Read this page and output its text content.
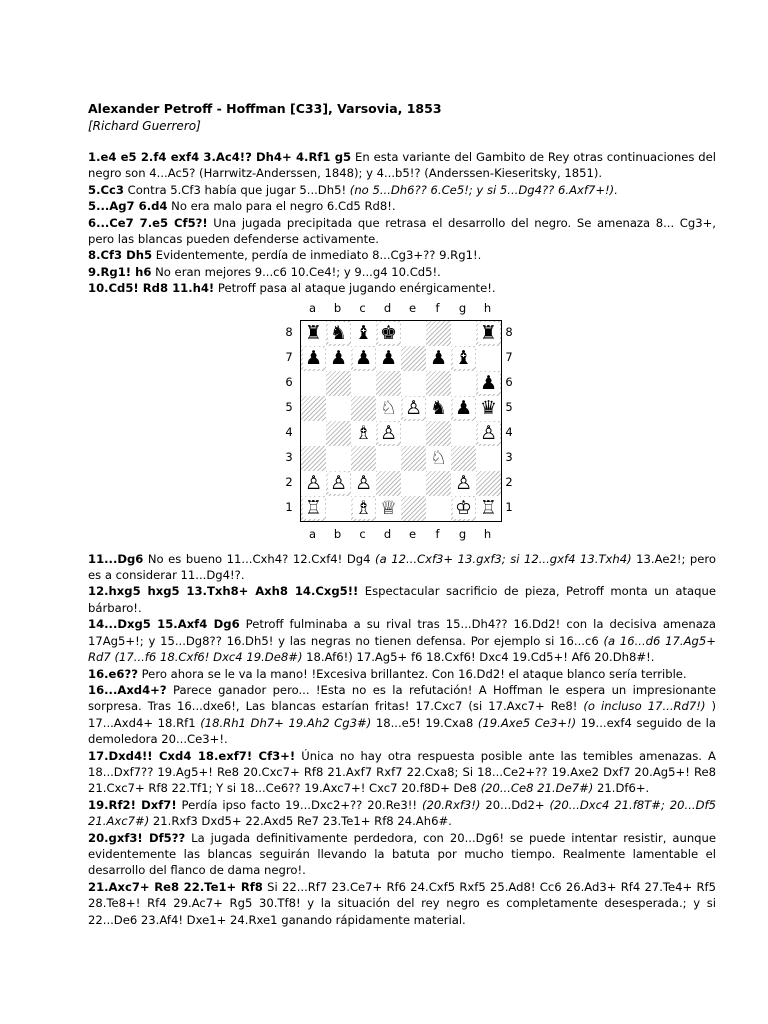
Alexander Petroff - Hoffman [C33], Varsovia, 1853
[Richard Guerrero]

1.e4 e5 2.f4 exf4 3.Ac4!? Dh4+ 4.Rf1 g5 En esta variante del Gambito de Rey otras continuaciones del negro son 4...Ac5? (Harrwitz-Anderssen, 1848); y 4...b5!? (Anderssen-Kieseritsky, 1851).

5.Cc3 Contra 5.Cf3 había que jugar 5...Dh5! (no 5...Dh6?? 6.Ce5!; y si 5...Dg4?? 6.Axf7+!).

5...Ag7 6.d4 No era malo para el negro 6.Cd5 Rd8!.

6...Ce7 7.e5 Cf5?! Una jugada precipitada que retrasa el desarrollo del negro. Se amenaza 8... Cg3+, pero las blancas pueden defenderse activamente.

8.Cf3 Dh5 Evidentemente, perdía de inmediato 8...Cg3+?? 9.Rg1!.

9.Rg1! h6 No eran mejores 9...c6 10.Ce4!; y 9...g4 10.Cd5!.

10.Cd5! Rd8 11.h4! Petroff pasa al ataque jugando enérgicamente!.

a	b	c	d	e	f	g	h
8
7
6
5
4
3
2
1
♜ ♞ ♝ ♚	♜
♟ ♟ ♟ ♟ ♟ ♝
♟
♘ ♙ ♞ ♟ ♛
♗ ♙	♙
♘
♙ ♙ ♙	♙
♖ ♗ ♕	♔ ♖
8
7
6
5
4
3
2
1
a	b	c	d	e	f	g	h

11...Dg6 No es bueno 11...Cxh4? 12.Cxf4! Dg4 (a 12...Cxf3+ 13.gxf3; si 12...gxf4 13.Txh4) 13.Ae2!; pero es a considerar 11...Dg4!?.

12.hxg5 hxg5 13.Txh8+ Axh8 14.Cxg5!! Espectacular sacrificio de pieza, Petroff monta un ataque bárbaro!.

14...Dxg5 15.Axf4 Dg6 Petroff fulminaba a su rival tras 15...Dh4?? 16.Dd2! con la decisiva amenaza 17Ag5+!; y 15...Dg8?? 16.Dh5! y las negras no tienen defensa. Por ejemplo si 16...c6 (a 16...d6 17.Ag5+ Rd7 (17...f6 18.Cxf6! Dxc4 19.De8#) 18.Af6!) 17.Ag5+ f6 18.Cxf6! Dxc4 19.Cd5+! Af6 20.Dh8#!.

16.e6?? Pero ahora se le va la mano! !Excesiva brillantez. Con 16.Dd2! el ataque blanco sería terrible.

16...Axd4+? Parece ganador pero... !Esta no es la refutación! A Hoffman le espera un impresionante sorpresa. Tras 16...dxe6!, Las blancas estarían fritas! 17.Cxc7 (si 17.Axc7+ Re8! (o incluso 17...Rd7!) ) 17...Axd4+ 18.Rf1 (18.Rh1 Dh7+ 19.Ah2 Cg3#) 18...e5! 19.Cxa8 (19.Axe5 Ce3+!) 19...exf4 seguido de la demoledora 20...Ce3+!.

17.Dxd4!! Cxd4 18.exf7! Cf3+! Única no hay otra respuesta posible ante las temibles amenazas. A 18...Dxf7?? 19.Ag5+! Re8 20.Cxc7+ Rf8 21.Axf7 Rxf7 22.Cxa8; Si 18...Ce2+?? 19.Axe2 Dxf7 20.Ag5+! Re8 21.Cxc7+ Rf8 22.Tf1; Y si 18...Ce6?? 19.Axc7+! Cxc7 20.f8D+ De8 (20...Ce8 21.De7#) 21.Df6+.

19.Rf2! Dxf7! Perdía ipso facto 19...Dxc2+?? 20.Re3!! (20.Rxf3!) 20...Dd2+ (20...Dxc4 21.f8T#; 20...Df5 21.Axc7#) 21.Rxf3 Dxd5+ 22.Axd5 Re7 23.Te1+ Rf8 24.Ah6#.

20.gxf3! Df5?? La jugada definitivamente perdedora, con 20...Dg6! se puede intentar resistir, aunque evidentemente las blancas seguirán llevando la batuta por mucho tiempo. Realmente lamentable el desarrollo del flanco de dama negro!.

21.Axc7+ Re8 22.Te1+ Rf8 Si 22...Rf7 23.Ce7+ Rf6 24.Cxf5 Rxf5 25.Ad8! Cc6 26.Ad3+ Rf4 27.Te4+ Rf5 28.Te8+! Rf4 29.Ac7+ Rg5 30.Tf8! y la situación del rey negro es completamente desesperada.; y si 22...De6 23.Af4! Dxe1+ 24.Rxe1 ganando rápidamente material.
